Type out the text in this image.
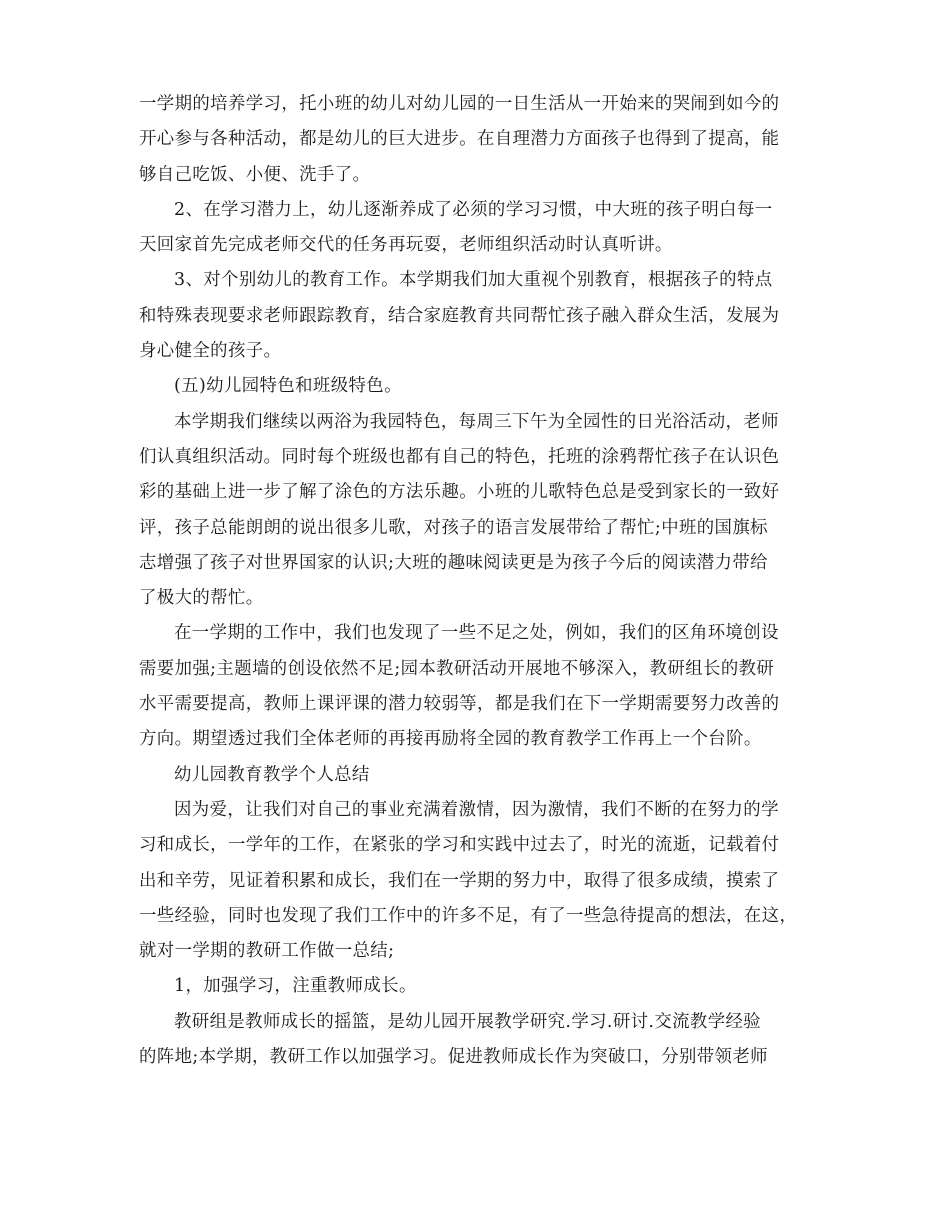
一学期的培养学习，托小班的幼儿对幼儿园的一日生活从一开始来的哭闹到如今的
开心参与各种活动，都是幼儿的巨大进步。在自理潜力方面孩子也得到了提高，能
够自己吃饭、小便、洗手了。
2、在学习潜力上，幼儿逐渐养成了必须的学习习惯，中大班的孩子明白每一
天回家首先完成老师交代的任务再玩耍，老师组织活动时认真听讲。
3、对个别幼儿的教育工作。本学期我们加大重视个别教育，根据孩子的特点
和特殊表现要求老师跟踪教育，结合家庭教育共同帮忙孩子融入群众生活，发展为
身心健全的孩子。
(五)幼儿园特色和班级特色。
本学期我们继续以两浴为我园特色，每周三下午为全园性的日光浴活动，老师
们认真组织活动。同时每个班级也都有自己的特色，托班的涂鸦帮忙孩子在认识色
彩的基础上进一步了解了涂色的方法乐趣。小班的儿歌特色总是受到家长的一致好
评，孩子总能朗朗的说出很多儿歌，对孩子的语言发展带给了帮忙;中班的国旗标
志增强了孩子对世界国家的认识;大班的趣味阅读更是为孩子今后的阅读潜力带给
了极大的帮忙。
在一学期的工作中，我们也发现了一些不足之处，例如，我们的区角环境创设
需要加强;主题墙的创设依然不足;园本教研活动开展地不够深入，教研组长的教研
水平需要提高，教师上课评课的潜力较弱等，都是我们在下一学期需要努力改善的
方向。期望透过我们全体老师的再接再励将全园的教育教学工作再上一个台阶。
幼儿园教育教学个人总结
因为爱，让我们对自己的事业充满着激情，因为激情，我们不断的在努力的学
习和成长，一学年的工作，在紧张的学习和实践中过去了，时光的流逝，记载着付
出和辛劳，见证着积累和成长，我们在一学期的努力中，取得了很多成绩，摸索了
一些经验，同时也发现了我们工作中的许多不足，有了一些急待提高的想法，在这，
就对一学期的教研工作做一总结;
1，加强学习，注重教师成长。
教研组是教师成长的摇篮，是幼儿园开展教学研究.学习.研讨.交流教学经验
的阵地;本学期，教研工作以加强学习。促进教师成长作为突破口，分别带领老师
